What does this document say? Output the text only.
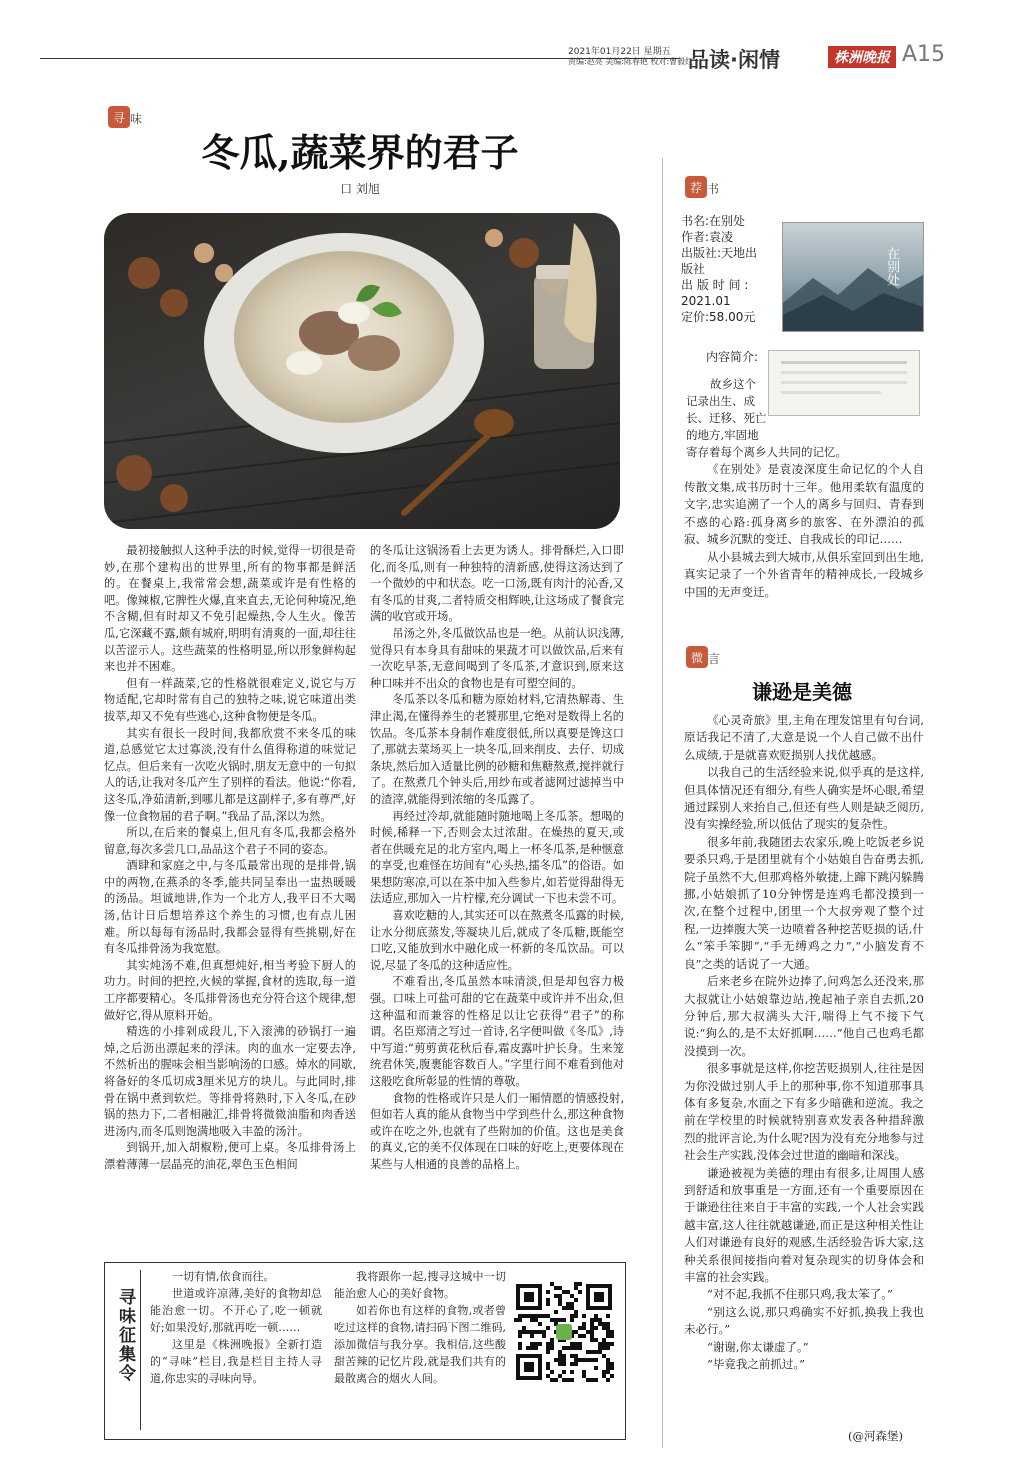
2021年01月22日 星期五
责编:赵亮 美编:陈春艳 校对:曹毅红
品读·闲情	株洲晚报 A15
寻 味
冬瓜,蔬菜界的君子
口 刘旭

最初接触拟人这种手法的时候,觉得一切很是奇妙,在那个建构出的世界里,所有的物事都是鲜活的。在餐桌上,我常常会想,蔬菜或许是有性格的吧。像辣椒,它脾性火爆,直来直去,无论何种境况,绝不含糊,但有时却又不免引起燥热,令人生火。像苦瓜,它深藏不露,颇有城府,明明有清爽的一面,却往往以苦涩示人。这些蔬菜的性格明显,所以形象鲜构起来也并不困难。

但有一样蔬菜,它的性格就很难定义,说它与万物适配,它却时常有自己的独特之味,说它味道出类拔萃,却又不免有些逃心,这种食物便是冬瓜。

其实有很长一段时间,我都欣赏不来冬瓜的味道,总感觉它太过寡淡,没有什么值得称道的味觉记忆点。但后来有一次吃火锅时,朋友无意中的一句拟人的话,让我对冬瓜产生了别样的看法。他说:“你看,这冬瓜,净茹清新,到哪儿都是这副样子,多有尊严,好像一位食物届的君子啊。”我品了品,深以为然。

所以,在后来的餐桌上,但凡有冬瓜,我都会格外留意,每次多尝几口,品品这个君子不同的姿态。

酒肆和家庭之中,与冬瓜最常出现的是排骨,锅中的两物,在燕杀的冬季,能共同呈奉出一盅热暖暖的汤品。坦诚地讲,作为一个北方人,我平日不大喝汤,估计日后想培养这个养生的习惯,也有点儿困难。所以每每有汤品时,我都会显得有些挑剔,好在有冬瓜排骨汤为我宽慰。

其实炖汤不难,但真想炖好,相当考验下厨人的功力。时间的把控,火候的掌握,食材的选取,每一道工序都要精心。冬瓜排骨汤也充分符合这个规律,想做好它,得从原料开始。

精选的小排剁成段儿,下入滚沸的砂锅打一遍焯,之后沥出漂起来的浮沫。肉的血水一定要去净,不然析出的腥味会相当影响汤的口感。焯水的同歇,将备好的冬瓜切成3厘米见方的块儿。与此同时,排骨在锅中煮到软烂。等排骨将熟时,下入冬瓜,在砂锅的热力下,二者相融汇,排骨将微微油脂和肉香送进汤内,而冬瓜则饱满地吸入丰盈的汤汁。

到锅开,加入胡椒粉,便可上桌。冬瓜排骨汤上漂着薄薄一层晶亮的油花,翠色玉色相间

的冬瓜让这锅汤看上去更为诱人。排骨酥烂,入口即化,而冬瓜,则有一种独特的清新感,使得这汤达到了一个微妙的中和状态。吃一口汤,既有肉汁的沁香,又有冬瓜的甘爽,二者特质交相辉映,让这场成了餐食完满的收官或开场。

吊汤之外,冬瓜做饮品也是一绝。从前认识浅薄,觉得只有本身具有甜味的果蔬才可以做饮品,后来有一次吃早茶,无意间喝到了冬瓜茶,才意识到,原来这种口味并不出众的食物也是有可塑空间的。

冬瓜茶以冬瓜和糖为原始材料,它清热解毒、生津止渴,在懂得养生的老饕那里,它绝对是数得上名的饮品。冬瓜茶本身制作难度很低,所以真要是馋这口了,那就去菜场买上一块冬瓜,回来削皮、去仔、切成条块,然后加入适量比例的砂糖和焦糖熬煮,搅拌就行了。在熬煮几个钟头后,用纱布或者滤网过滤掉当中的渣滓,就能得到浓缩的冬瓜露了。

再经过冷却,就能随时随地喝上冬瓜茶。想喝的时候,稀释一下,否则会太过浓甜。在燥热的夏天,或者在供暖充足的北方室内,喝上一杯冬瓜茶,是种惬意的享受,也难怪在坊间有“心头热,擂冬瓜”的俗语。如果想防寒凉,可以在茶中加入些参片,如若觉得甜得无法适应,那加入一片柠檬,充分调试一下也未尝不可。

喜欢吃糖的人,其实还可以在熬煮冬瓜露的时候,让水分彻底蒸发,等凝块儿后,就成了冬瓜糖,既能空口吃,又能放到水中融化成一杯新的冬瓜饮品。可以说,尽显了冬瓜的这种适应性。

不难看出,冬瓜虽然本味清淡,但是却包容力极强。口味上可盐可甜的它在蔬菜中或许并不出众,但这种温和而兼容的性格足以让它获得“君子”的称谓。名臣郑清之写过一首诗,名字便叫做《冬瓜》,诗中写道:“剪剪黄花秋后春,霜皮露叶护长身。生来笼统君休笑,腹裹能容数百人。”字里行间不难看到他对这般吃食所彰显的性情的尊敬。

食物的性格或许只是人们一厢情愿的情感投射,但如若人真的能从食物当中学到些什么,那这种食物或许在吃之外,也就有了些附加的价值。这也是美食的真义,它的美不仅体现在口味的好吃上,更要体现在某些与人相通的良善的品格上。

荐 书
书名:在别处
作者:袁凌
出版社:天地出
版社
出 版 时 间 :
2021.01
定价:58.00元
在别处
内容简介:
故乡这个
记录出生、成
长、迁移、死亡
的地方,牢固地
寄存着每个离乡人共同的记忆。

《在别处》是袁凌深度生命记忆的个人自传散文集,成书历时十三年。他用柔软有温度的文字,忠实追溯了一个人的离乡与回归、青春到不惑的心路:孤身离乡的旅客、在外漂泊的孤寂、城乡沉默的变迁、自我成长的印记……

从小县城去到大城市,从俱乐室回到出生地,真实记录了一个外省青年的精神成长,一段城乡中国的无声变迁。

微 言
谦逊是美德

《心灵奇旅》里,主角在理发馆里有句台词,原话我记不清了,大意是说一个人自己做不出什么成绩,于是就喜欢贬损别人找优越感。

以我自己的生活经验来说,似乎真的是这样,但具体情况还有细分,有些人确实是坏心眼,希望通过踩别人来抬自己,但还有些人则是缺乏阅历,没有实操经验,所以低估了现实的复杂性。

很多年前,我随团去农家乐,晚上吃饭老乡说要杀只鸡,于是团里就有个小姑娘自告奋勇去抓,院子虽然不大,但那鸡格外敏捷,上蹿下跳闪躲腾挪,小姑娘抓了10分钟愣是连鸡毛都没摸到一次,在整个过程中,团里一个大叔旁观了整个过程,一边捧腹大笑一边喷着各种挖苦贬损的话,什么“笨手笨脚”,“手无缚鸡之力”,“小脑发育不良”之类的话说了一大通。

后来老乡在院外边捧了,问鸡怎么还没来,那大叔就让小姑娘靠边站,挽起袖子亲自去抓,20分钟后,那大叔满头大汗,喘得上气不接下气说:“狗么的,是不太好抓啊……”他自己也鸡毛都没摸到一次。

很多事就是这样,你挖苦贬损别人,往往是因为你没做过别人手上的那种事,你不知道那事具体有多复杂,水面之下有多少暗礁和逆流。我之前在学校里的时候就特别喜欢发表各种措辞激烈的批评言论,为什么呢?因为没有充分地参与过社会生产实践,没体会过世道的幽暗和深浅。

谦逊被视为美德的理由有很多,让周围人感到舒适和放事重是一方面,还有一个重要原因在于谦逊往往来自于丰富的实践,一个人社会实践越丰富,这人往往就越谦逊,而正是这种相关性让人们对谦逊有良好的观感,生活经验告诉大家,这种关系很间接指向着对复杂现实的切身体会和丰富的社会实践。

“对不起,我抓不住那只鸡,我太笨了。”

“别这么说,那只鸡确实不好抓,换我上我也未必行。”

“谢谢,你太谦虚了。”

“毕竟我之前抓过。”

(@河森堡)
寻味征集令

一切有情,依食而往。

世道或许凉薄,美好的食物却总能治愈一切。不开心了,吃一顿就好;如果没好,那就再吃一顿……

这里是《株洲晚报》全新打造的“寻味”栏目,我是栏目主持人寻道,你忠实的寻味向导。

我将跟你一起,搜寻这城中一切能治愈人心的美好食物。

如若你也有这样的食物,或者曾吃过这样的食物,请扫码下图二维码,添加微信与我分享。我相信,这些酸甜苦辣的记忆片段,就是我们共有的最散离合的烟火人间。
